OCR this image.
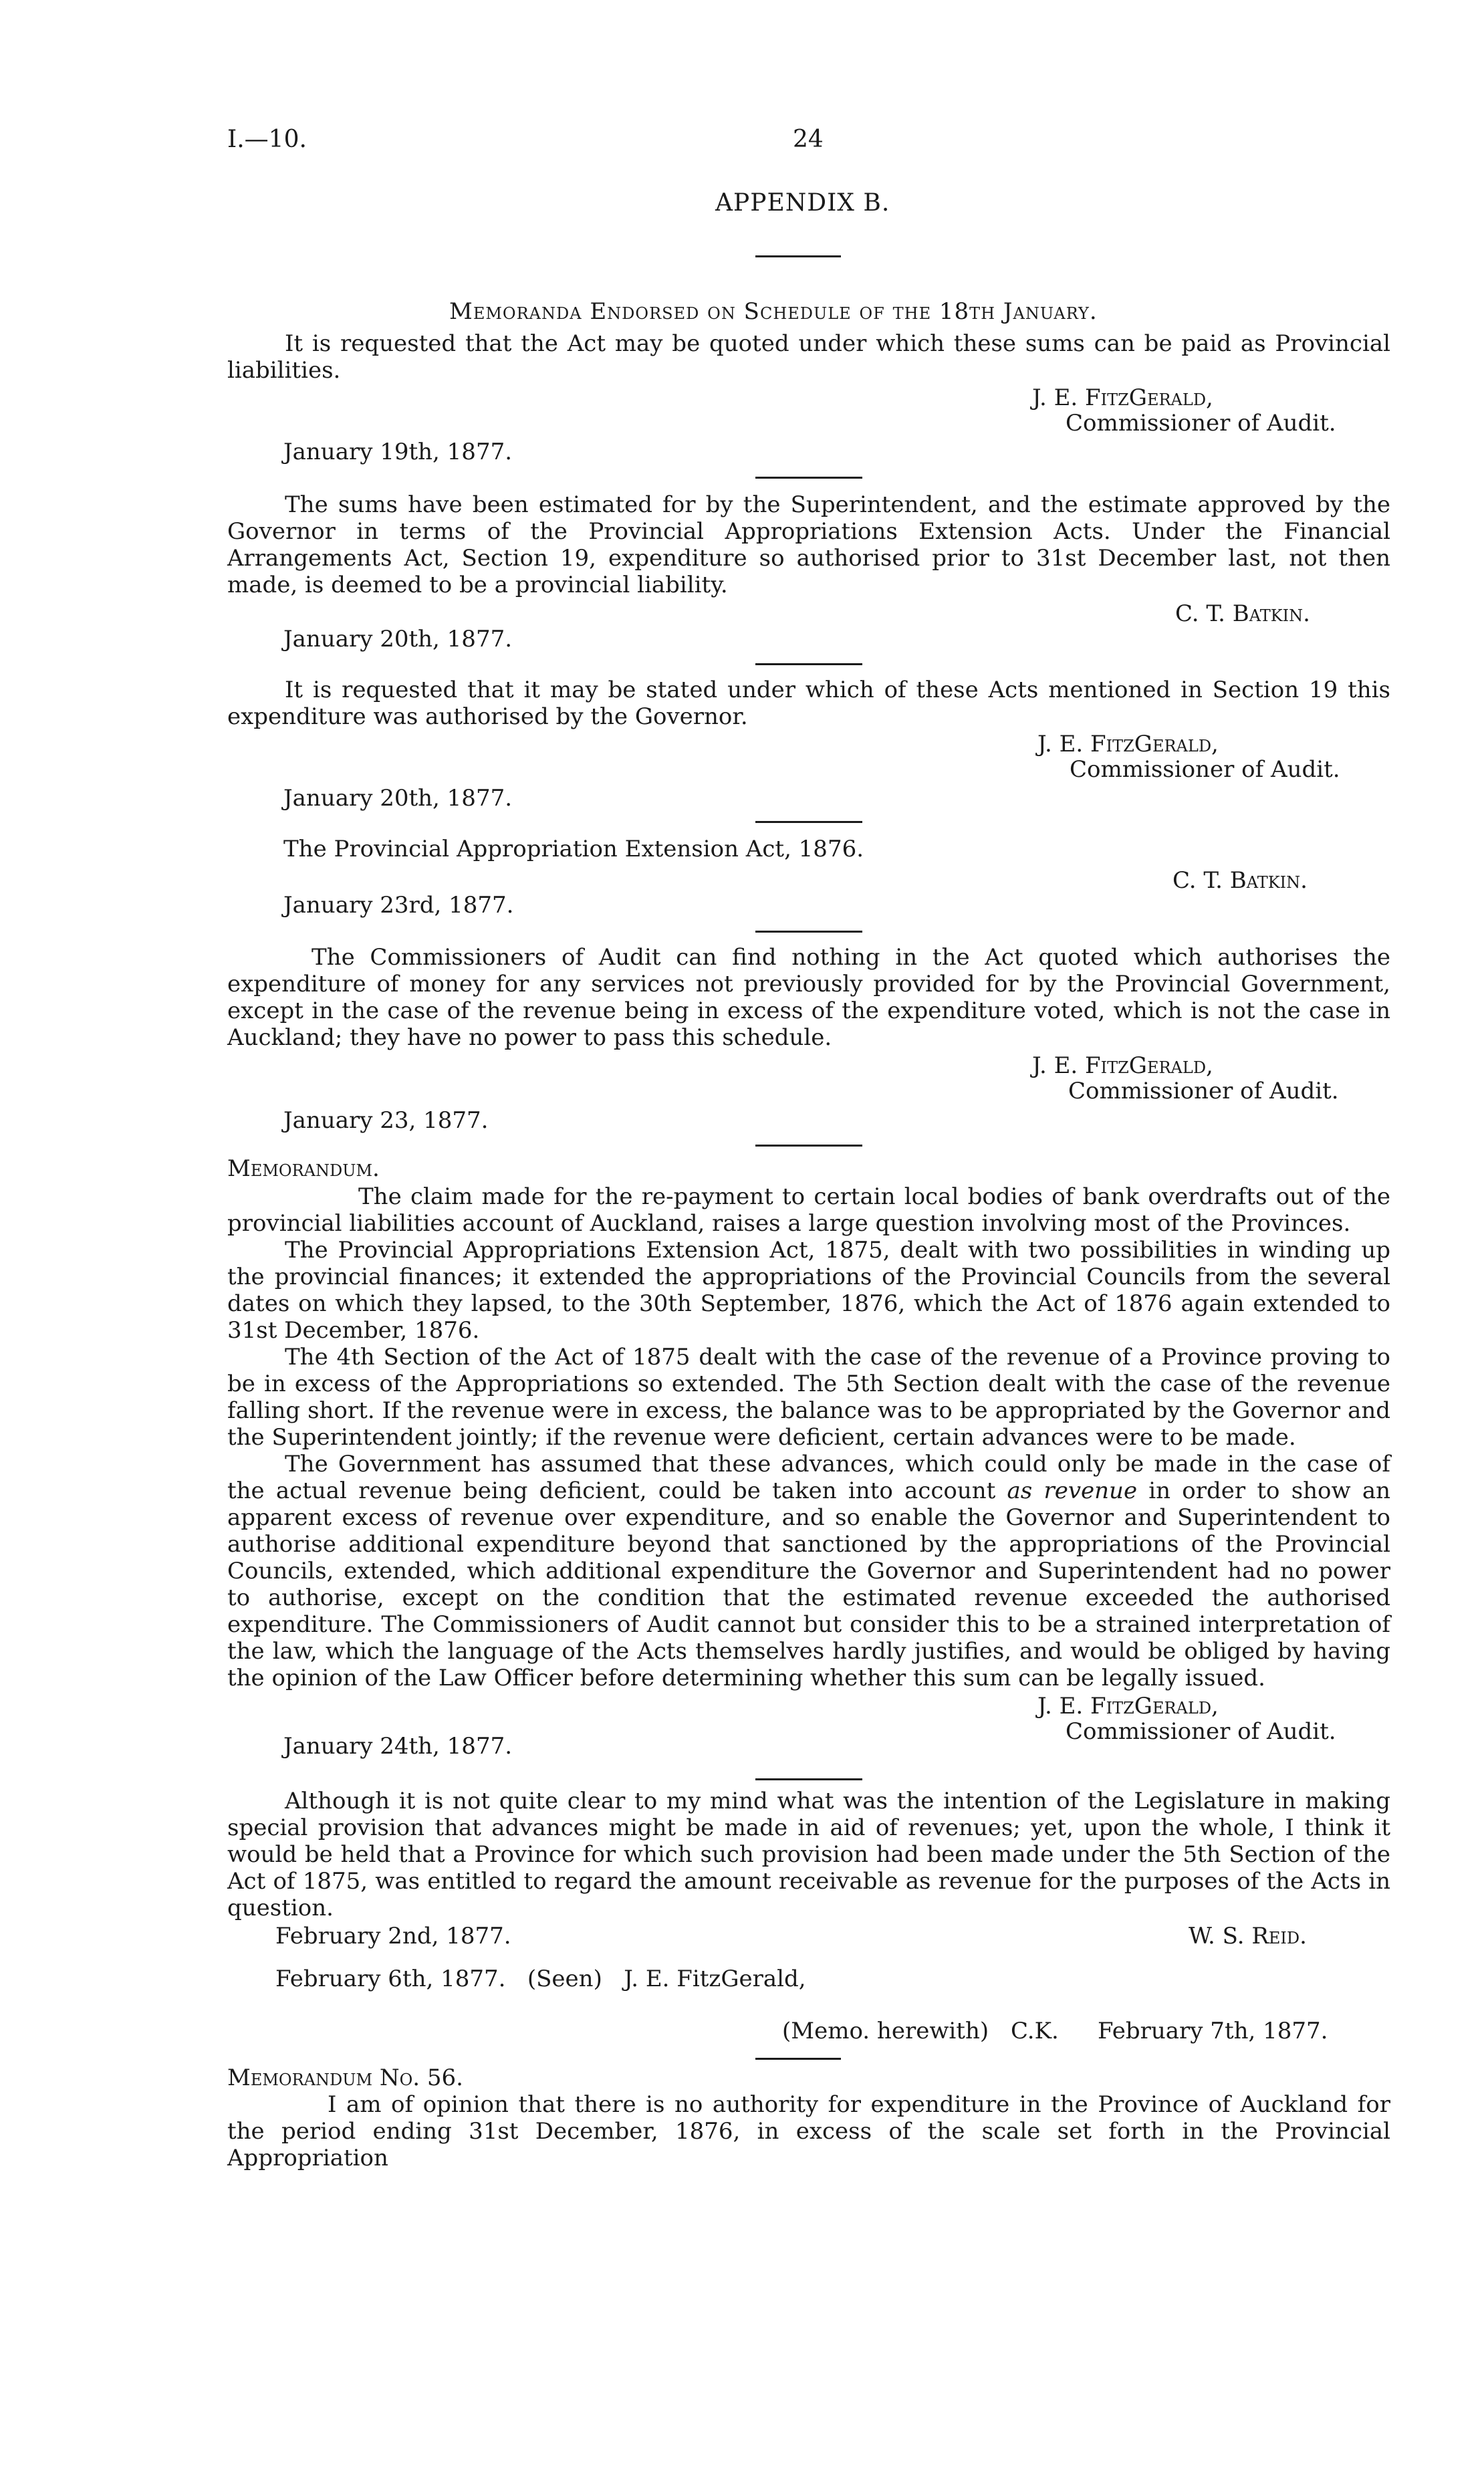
I.—10.	24
APPENDIX B.
Memoranda Endorsed on Schedule of the 18th January.
It is requested that the Act may be quoted under which these sums can be paid as Provincial liabilities.
J. E. FitzGerald,
Commissioner of Audit.
January 19th, 1877.
The sums have been estimated for by the Superintendent, and the estimate approved by the Governor in terms of the Provincial Appropriations Extension Acts. Under the Financial Arrangements Act, Section 19, expenditure so authorised prior to 31st December last, not then made, is deemed to be a provincial liability.
C. T. Batkin.
January 20th, 1877.
It is requested that it may be stated under which of these Acts mentioned in Section 19 this expenditure was authorised by the Governor.
J. E. FitzGerald,
Commissioner of Audit.
January 20th, 1877.
The Provincial Appropriation Extension Act, 1876.
C. T. Batkin.
January 23rd, 1877.
The Commissioners of Audit can find nothing in the Act quoted which authorises the expenditure of money for any services not previously provided for by the Provincial Government, except in the case of the revenue being in excess of the expenditure voted, which is not the case in Auckland; they have no power to pass this schedule.
J. E. FitzGerald,
Commissioner of Audit.
January 23, 1877.
Memorandum.
The claim made for the re-payment to certain local bodies of bank overdrafts out of the provincial liabilities account of Auckland, raises a large question involving most of the Provinces.
The Provincial Appropriations Extension Act, 1875, dealt with two possibilities in winding up the provincial finances; it extended the appropriations of the Provincial Councils from the several dates on which they lapsed, to the 30th September, 1876, which the Act of 1876 again extended to 31st December, 1876.
The 4th Section of the Act of 1875 dealt with the case of the revenue of a Province proving to be in excess of the Appropriations so extended. The 5th Section dealt with the case of the revenue falling short. If the revenue were in excess, the balance was to be appropriated by the Governor and the Superintendent jointly; if the revenue were deficient, certain advances were to be made.
The Government has assumed that these advances, which could only be made in the case of the actual revenue being deficient, could be taken into account as revenue in order to show an apparent excess of revenue over expenditure, and so enable the Governor and Superintendent to authorise additional expenditure beyond that sanctioned by the appropriations of the Provincial Councils, extended, which additional expenditure the Governor and Superintendent had no power to authorise, except on the condition that the estimated revenue exceeded the authorised expenditure. The Commissioners of Audit cannot but consider this to be a strained interpretation of the law, which the language of the Acts themselves hardly justifies, and would be obliged by having the opinion of the Law Officer before determining whether this sum can be legally issued.
J. E. FitzGerald,
Commissioner of Audit.
January 24th, 1877.
Although it is not quite clear to my mind what was the intention of the Legislature in making special provision that advances might be made in aid of revenues; yet, upon the whole, I think it would be held that a Province for which such provision had been made under the 5th Section of the Act of 1875, was entitled to regard the amount receivable as revenue for the purposes of the Acts in question.
February 2nd, 1877.	W. S. Reid.
February 6th, 1877.   (Seen)   J. E. FitzGerald,
(Memo. herewith) C.K. February 7th, 1877.
Memorandum No. 56.
I am of opinion that there is no authority for expenditure in the Province of Auckland for the period ending 31st December, 1876, in excess of the scale set forth in the Provincial Appropriation
